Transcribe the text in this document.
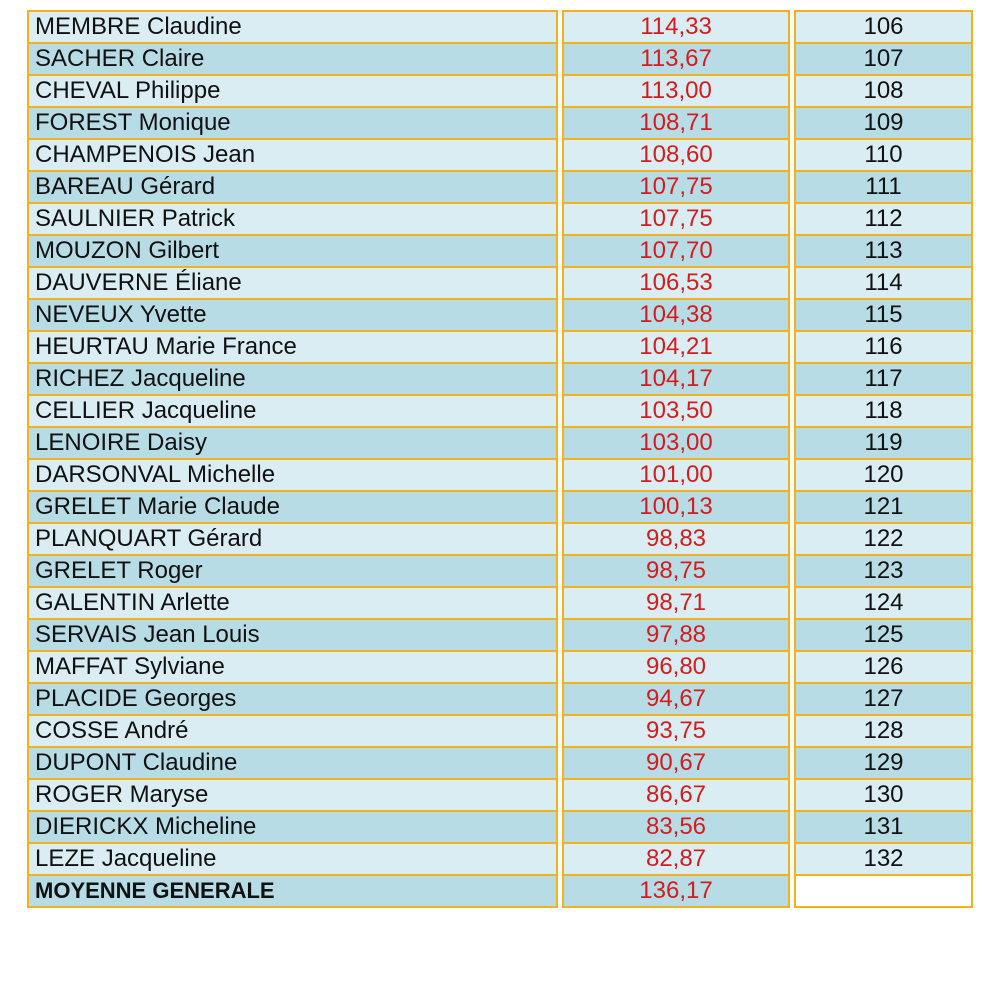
MEMBRE Claudine		114,33		106
SACHER Claire		113,67		107
CHEVAL Philippe		113,00		108
FOREST Monique		108,71		109
CHAMPENOIS Jean		108,60		110
BAREAU Gérard		107,75		111
SAULNIER Patrick		107,75		112
MOUZON Gilbert		107,70		113
DAUVERNE Éliane		106,53		114
NEVEUX Yvette		104,38		115
HEURTAU Marie France		104,21		116
RICHEZ Jacqueline		104,17		117
CELLIER Jacqueline		103,50		118
LENOIRE Daisy		103,00		119
DARSONVAL Michelle		101,00		120
GRELET Marie Claude		100,13		121
PLANQUART Gérard		98,83		122
GRELET Roger		98,75		123
GALENTIN Arlette		98,71		124
SERVAIS Jean Louis		97,88		125
MAFFAT Sylviane		96,80		126
PLACIDE Georges		94,67		127
COSSE André		93,75		128
DUPONT Claudine		90,67		129
ROGER Maryse		86,67		130
DIERICKX Micheline		83,56		131
LEZE Jacqueline		82,87		132
MOYENNE GENERALE		136,17		
